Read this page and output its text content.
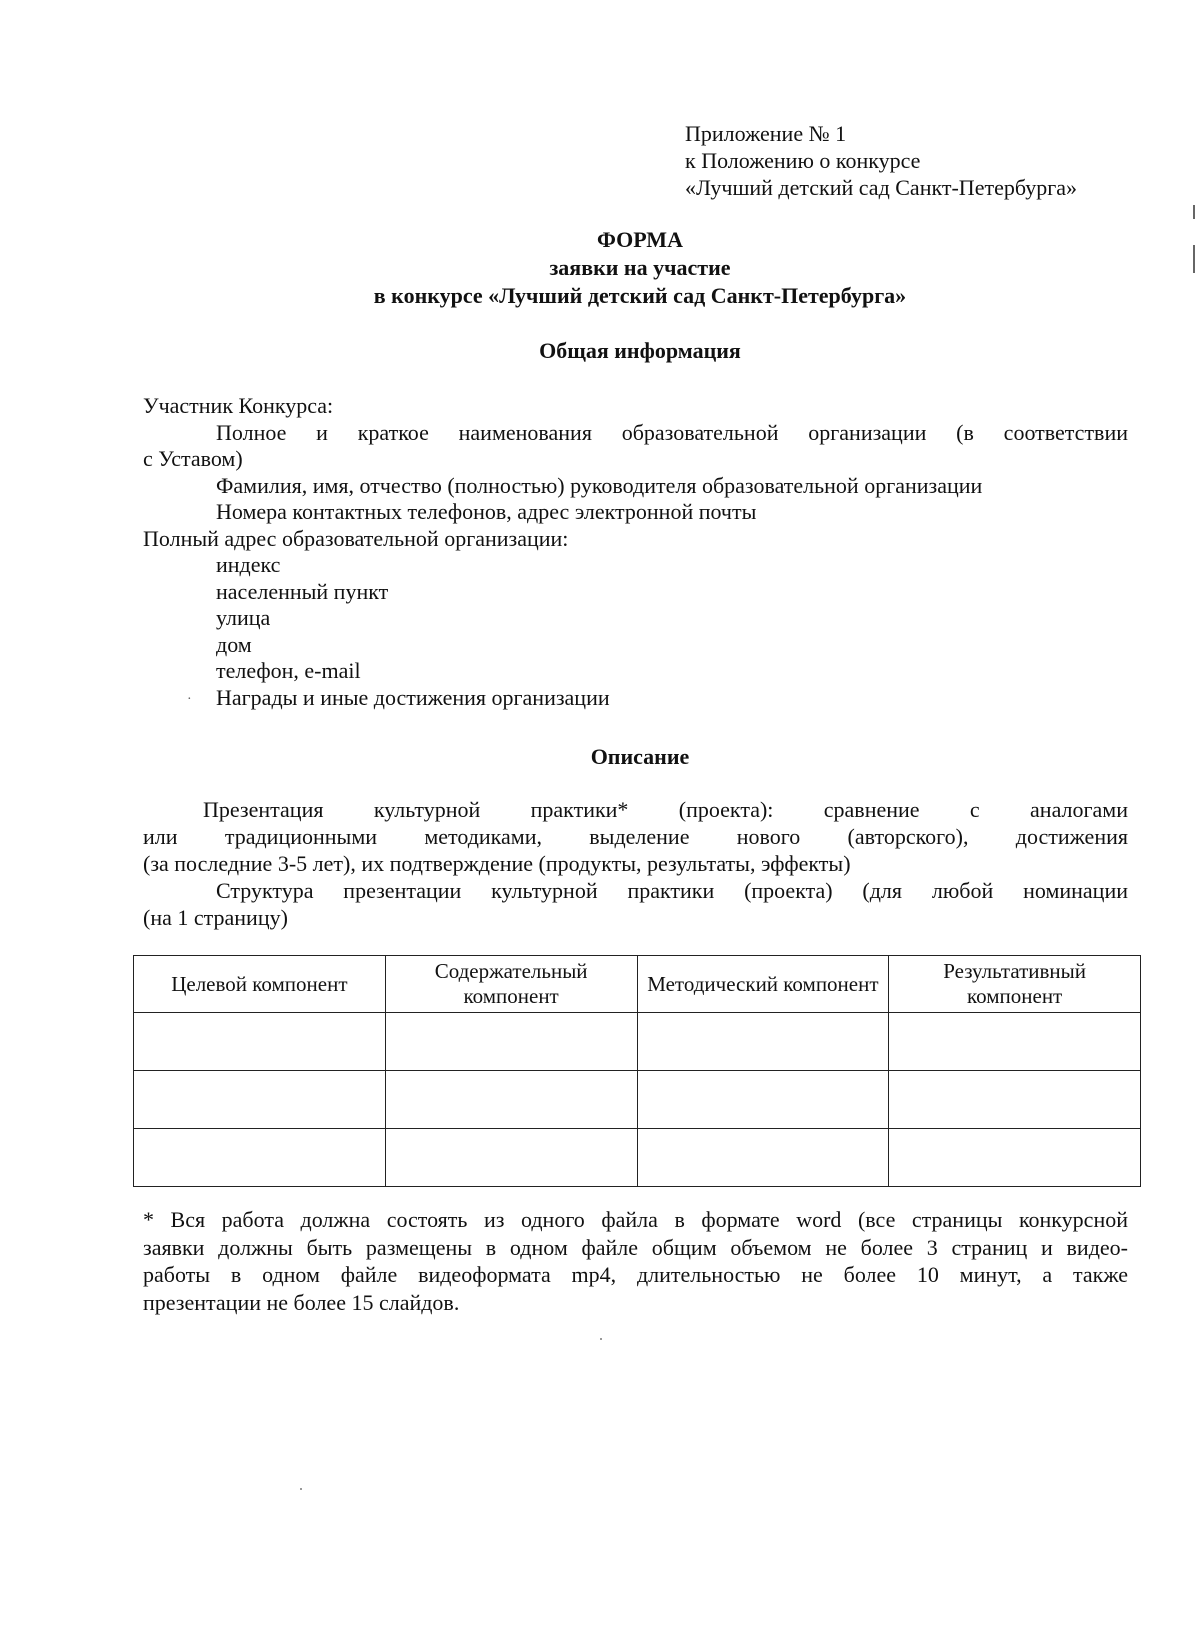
Приложение № 1
к Положению о конкурсе
«Лучший детский сад Санкт-Петербурга»
ФОРМА
заявки на участие
в конкурсе «Лучший детский сад Санкт-Петербурга»
Общая информация
Участник Конкурса:
Полное и краткое наименования образовательной организации (в соответствии
с Уставом)
Фамилия, имя, отчество (полностью) руководителя образовательной организации
Номера контактных телефонов, адрес электронной почты
Полный адрес образовательной организации:
индекс
населенный пункт
улица
дом
телефон, e-mail
· Награды и иные достижения организации
Описание
Презентация культурной практики* (проекта): сравнение с аналогами
или традиционными методиками, выделение нового (авторского), достижения
(за последние 3-5 лет), их подтверждение (продукты, результаты, эффекты)
Структура презентации культурной практики (проекта) (для любой номинации
(на 1 страницу)
Целевой компонент	Содержательный компонент	Методический компонент	Результативный компонент

* Вся работа должна состоять из одного файла в формате word (все страницы конкурсной
заявки должны быть размещены в одном файле общим объемом не более 3 страниц и видео-
работы в одном файле видеоформата mp4, длительностью не более 10 минут, а также
презентации не более 15 слайдов.
